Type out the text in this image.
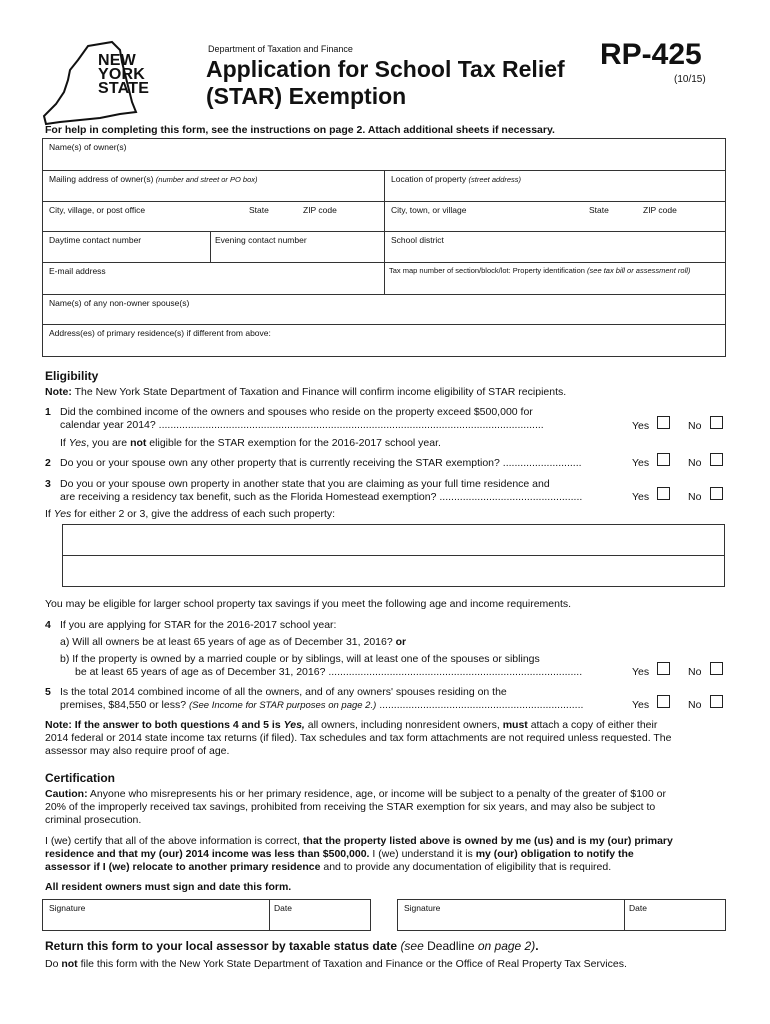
NEW
YORK
STATE
Department of Taxation and Finance
Application for School Tax Relief
(STAR) Exemption
RP-425
(10/15)
For help in completing this form, see the instructions on page 2. Attach additional sheets if necessary.
Name(s) of owner(s)
Mailing address of owner(s) (number and street or PO box)	Location of property (street address)
City, village, or post office	State	ZIP code	City, town, or village	State	ZIP code
Daytime contact number	Evening contact number	School district
E-mail address	Tax map number of section/block/lot: Property identification (see tax bill or assessment roll)
Name(s) of any non-owner spouse(s)
Address(es) of primary residence(s) if different from above:
Eligibility
Note: The New York State Department of Taxation and Finance will confirm income eligibility of STAR recipients.
1 Did the combined income of the owners and spouses who reside on the property exceed $500,000 for
calendar year 2014? ....................................................................................................................................	Yes	No
If Yes, you are not eligible for the STAR exemption for the 2016-2017 school year.
2 Do you or your spouse own any other property that is currently receiving the STAR exemption? ...........................	Yes	No
3 Do you or your spouse own property in another state that you are claiming as your full time residence and
are receiving a residency tax benefit, such as the Florida Homestead exemption? .................................................	Yes	No
If Yes for either 2 or 3, give the address of each such property:
You may be eligible for larger school property tax savings if you meet the following age and income requirements.
4 If you are applying for STAR for the 2016-2017 school year:
a) Will all owners be at least 65 years of age as of December 31, 2016? or
b) If the property is owned by a married couple or by siblings, will at least one of the spouses or siblings
be at least 65 years of age as of December 31, 2016? .......................................................................................	Yes	No
5 Is the total 2014 combined income of all the owners, and of any owners' spouses residing on the
premises, $84,550 or less? (See Income for STAR purposes on page 2.) ......................................................................	Yes	No
Note: If the answer to both questions 4 and 5 is Yes, all owners, including nonresident owners, must attach a copy of either their
2014 federal or 2014 state income tax returns (if filed). Tax schedules and tax form attachments are not required unless requested. The
assessor may also require proof of age.
Certification
Caution: Anyone who misrepresents his or her primary residence, age, or income will be subject to a penalty of the greater of $100 or
20% of the improperly received tax savings, prohibited from receiving the STAR exemption for six years, and may also be subject to
criminal prosecution.
I (we) certify that all of the above information is correct, that the property listed above is owned by me (us) and is my (our) primary
residence and that my (our) 2014 income was less than $500,000. I (we) understand it is my (our) obligation to notify the
assessor if I (we) relocate to another primary residence and to provide any documentation of eligibility that is required.
All resident owners must sign and date this form.
Signature	Date	Signature	Date
Return this form to your local assessor by taxable status date (see Deadline on page 2).
Do not file this form with the New York State Department of Taxation and Finance or the Office of Real Property Tax Services.
